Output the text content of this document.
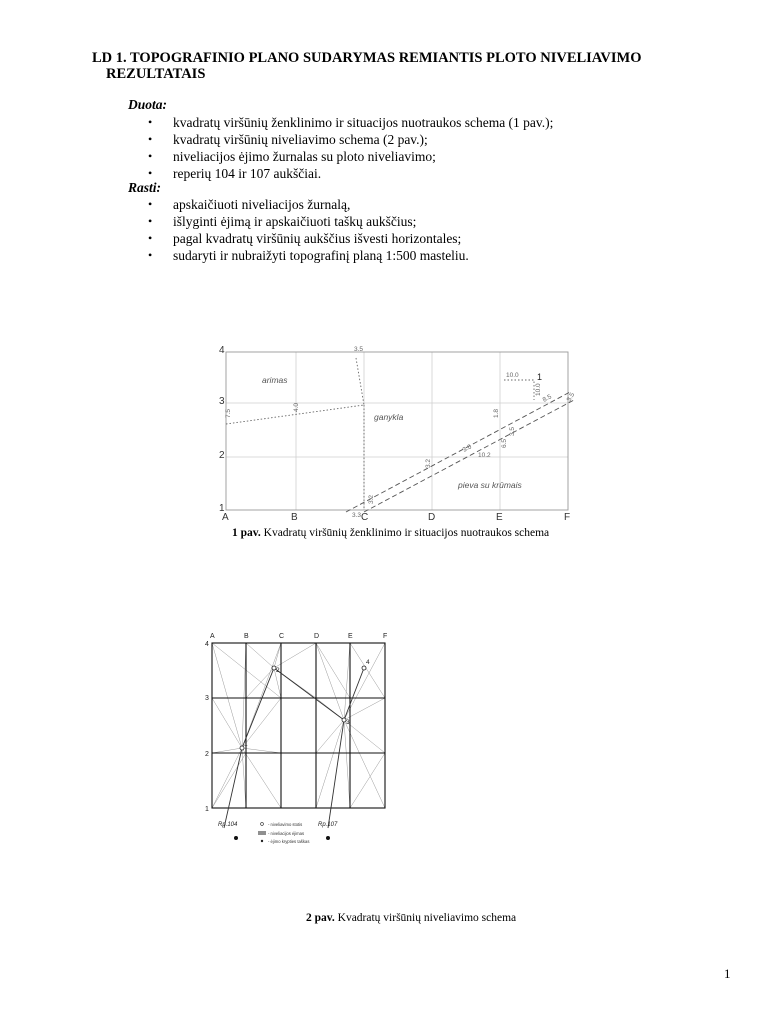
LD 1. TOPOGRAFINIO PLANO SUDARYMAS REMIANTIS PLOTO NIVELIAVIMO
REZULTATAIS
Duota:
• kvadratų viršūnių ženklinimo ir situacijos nuotraukos schema (1 pav.);
• kvadratų viršūnių niveliavimo schema (2 pav.);
• niveliacijos ėjimo žurnalas su ploto niveliavimo;
• reperių 104 ir 107 aukščiai.
Rasti:
• apskaičiuoti niveliacijos žurnalą,
• išlyginti ėjimą ir apskaičiuoti taškų aukščius;
• pagal kvadratų viršūnių aukščius išvesti horizontales;
• sudaryti ir nubraižyti topografinį planą 1:500 masteliu.
A	B	C	D	E	F
1
2
3
4
arimas
ganykla
pieva su krūmais
3.5
10.0 1
10.0
7.5
4.0
1.8
3.5
8.5
3.2
3.0	6.5
10.2
3.2
3.3
3.5
1 pav. Kvadratų viršūnių ženklinimo ir situacijos nuotraukos schema
A	B	C	D	E	F
1
2
3
4
1
2
3
4
Rp.104	Rp.107
- niveliavimo stotis
- niveliacijos ėjimas
- ėjimo krypties taškas
2 pav. Kvadratų viršūnių niveliavimo schema
1
